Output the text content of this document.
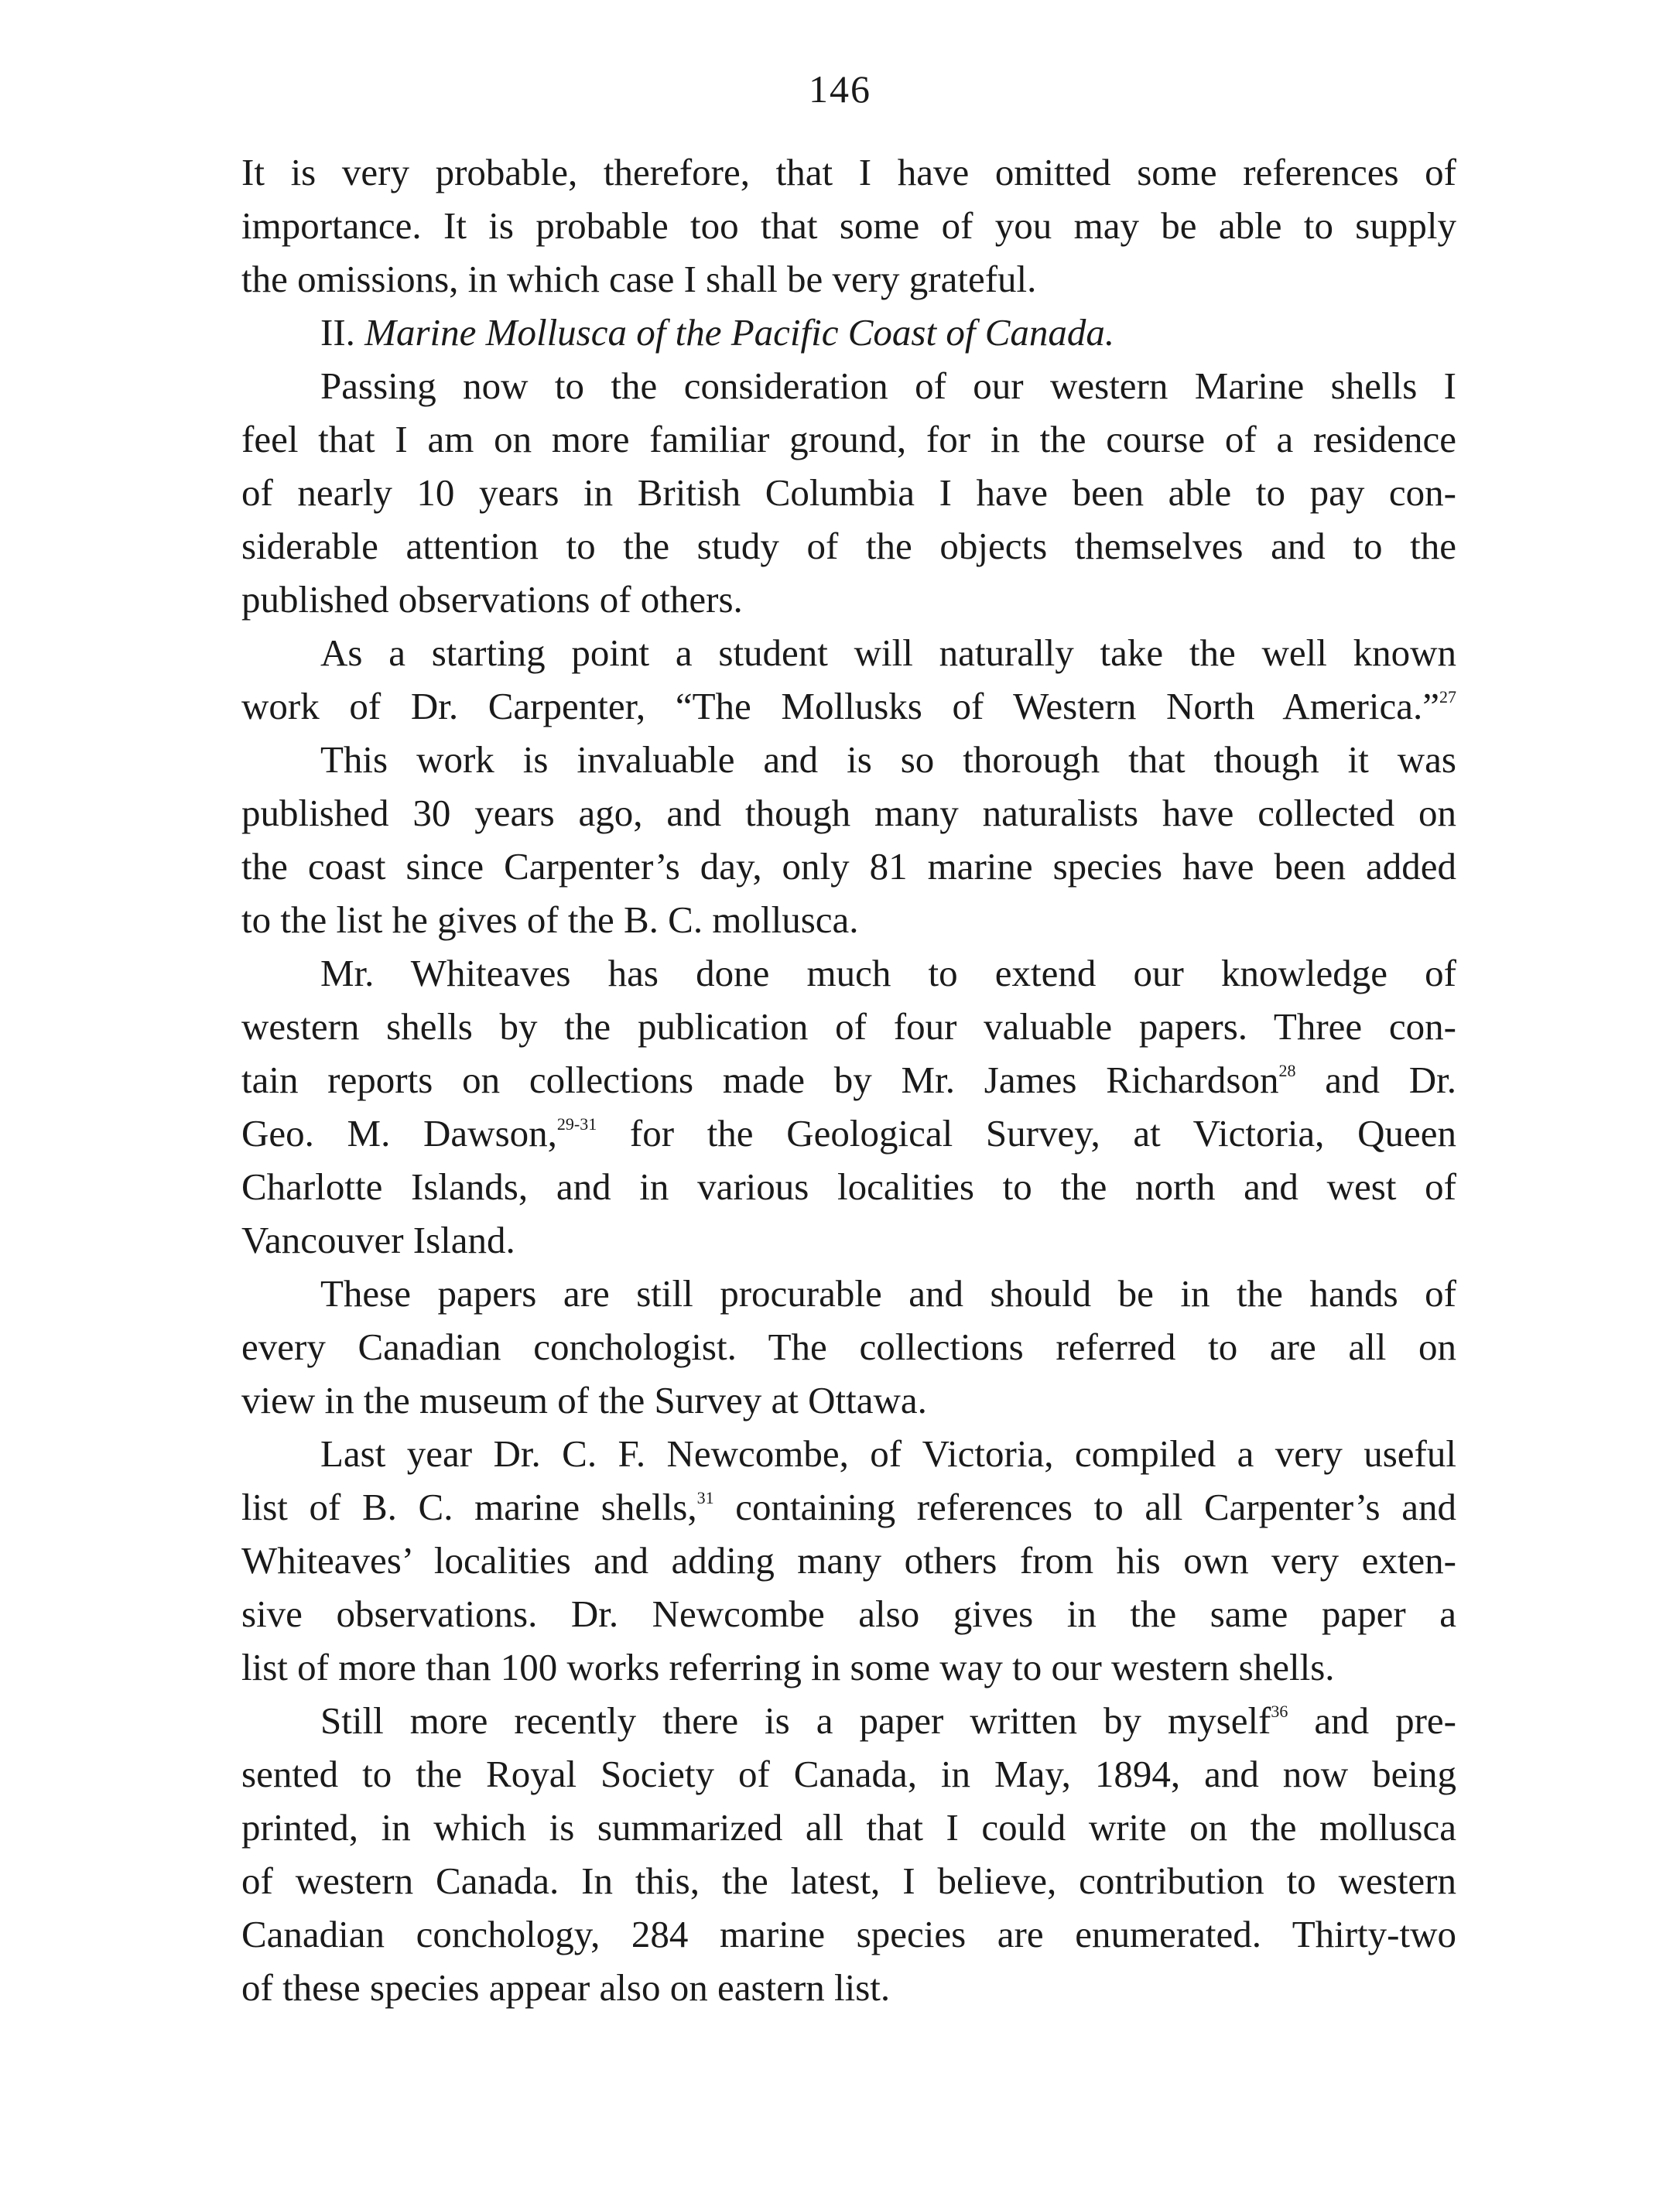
146
It is very probable, therefore, that I have omitted some references of
importance. It is probable too that some of you may be able to supply
the omissions, in which case I shall be very grateful.
II. Marine Mollusca of the Pacific Coast of Canada.
Passing now to the consideration of our western Marine shells I
feel that I am on more familiar ground, for in the course of a residence
of nearly 10 years in British Columbia I have been able to pay con-
siderable attention to the study of the objects themselves and to the
published observations of others.
As a starting point a student will naturally take the well known
work of Dr. Carpenter, “The Mollusks of Western North America.”$^{27}$
This work is invaluable and is so thorough that though it was
published 30 years ago, and though many naturalists have collected on
the coast since Carpenter’s day, only 81 marine species have been added
to the list he gives of the B. C. mollusca.
Mr. Whiteaves has done much to extend our knowledge of
western shells by the publication of four valuable papers. Three con-
tain reports on collections made by Mr. James Richardson$^{28}$ and Dr.
Geo. M. Dawson,$^{29-31}$ for the Geological Survey, at Victoria, Queen
Charlotte Islands, and in various localities to the north and west of
Vancouver Island.
These papers are still procurable and should be in the hands of
every Canadian conchologist. The collections referred to are all on
view in the museum of the Survey at Ottawa.
Last year Dr. C. F. Newcombe, of Victoria, compiled a very useful
list of B. C. marine shells,$^{31}$ containing references to all Carpenter’s and
Whiteaves’ localities and adding many others from his own very exten-
sive observations. Dr. Newcombe also gives in the same paper a
list of more than 100 works referring in some way to our western shells.
Still more recently there is a paper written by myself$^{36}$ and pre-
sented to the Royal Society of Canada, in May, 1894, and now being
printed, in which is summarized all that I could write on the mollusca
of western Canada. In this, the latest, I believe, contribution to western
Canadian conchology, 284 marine species are enumerated. Thirty-two
of these species appear also on eastern list.
